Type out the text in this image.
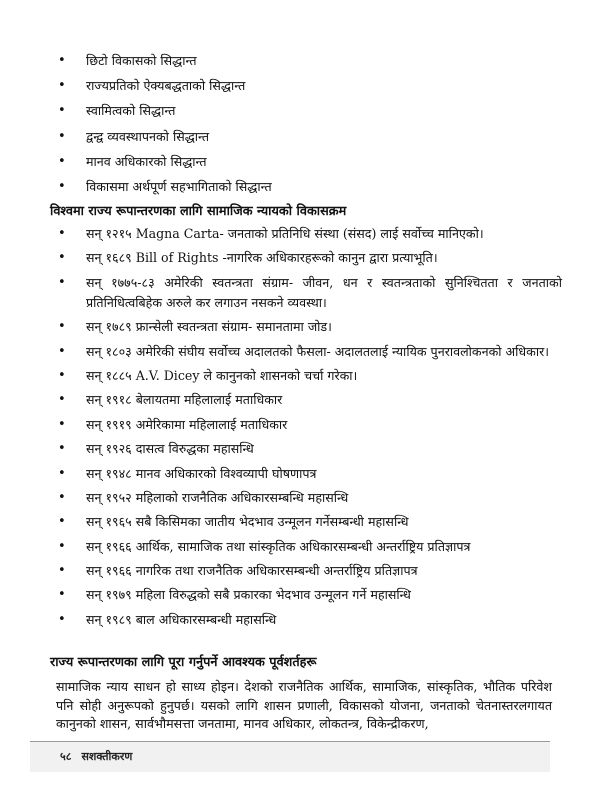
• छिटो विकासको सिद्धान्त
• राज्यप्रतिको ऐक्यबद्धताको सिद्धान्त
• स्वामित्वको सिद्धान्त
• द्वन्द्व व्यवस्थापनको सिद्धान्त
• मानव अधिकारको सिद्धान्त
• विकासमा अर्थपूर्ण सहभागिताको सिद्धान्त
विश्वमा राज्य रूपान्तरणका लागि सामाजिक न्यायको विकासक्रम
• सन् १२१५ Magna Carta- जनताको प्रतिनिधि संस्था (संसद) लाई सर्वोच्च मानिएको।
• सन् १६८९ Bill of Rights -नागरिक अधिकारहरूको कानुन द्वारा प्रत्याभूति।
• सन् १७७५-८३ अमेरिकी स्वतन्त्रता संग्राम- जीवन, धन र स्वतन्त्रताको सुनिश्चितता र जनताको प्रतिनिधित्वबिहेक अरुले कर लगाउन नसकने व्यवस्था।
• सन् १७८९ फ्रान्सेली स्वतन्त्रता संग्राम- समानतामा जोड।
• सन् १८०३ अमेरिकी संघीय सर्वोच्च अदालतको फैसला- अदालतलाई न्यायिक पुनरावलोकनको अधिकार।
• सन् १८८५ A.V. Dicey ले कानुनको शासनको चर्चा गरेका।
• सन् १९१८ बेलायतमा महिलालाई मताधिकार
• सन् १९१९ अमेरिकामा महिलालाई मताधिकार
• सन् १९२६ दासत्व विरुद्धका महासन्धि
• सन् १९४८ मानव अधिकारको विश्वव्यापी घोषणापत्र
• सन् १९५२ महिलाको राजनैतिक अधिकारसम्बन्धि महासन्धि
• सन् १९६५ सबै किसिमका जातीय भेदभाव उन्मूलन गर्नेसम्बन्धी महासन्धि
• सन् १९६६ आर्थिक, सामाजिक तथा सांस्कृतिक अधिकारसम्बन्धी अन्तर्राष्ट्रिय प्रतिज्ञापत्र
• सन् १९६६ नागरिक तथा राजनैतिक अधिकारसम्बन्धी अन्तर्राष्ट्रिय प्रतिज्ञापत्र
• सन् १९७९ महिला विरुद्धको सबै प्रकारका भेदभाव उन्मूलन गर्ने महासन्धि
• सन् १९८९ बाल अधिकारसम्बन्धी महासन्धि
राज्य रूपान्तरणका लागि पूरा गर्नुपर्ने आवश्यक पूर्वशर्तहरू

सामाजिक न्याय साधन हो साध्य होइन। देशको राजनैतिक आर्थिक, सामाजिक, सांस्कृतिक, भौतिक परिवेश पनि सोही अनुरूपको हुनुपर्छ। यसको लागि शासन प्रणाली, विकासको योजना, जनताको चेतनास्तरलगायत कानुनको शासन, सार्वभौमसत्ता जनतामा, मानव अधिकार, लोकतन्त्र, विकेन्द्रीकरण,

५८ सशक्तीकरण
